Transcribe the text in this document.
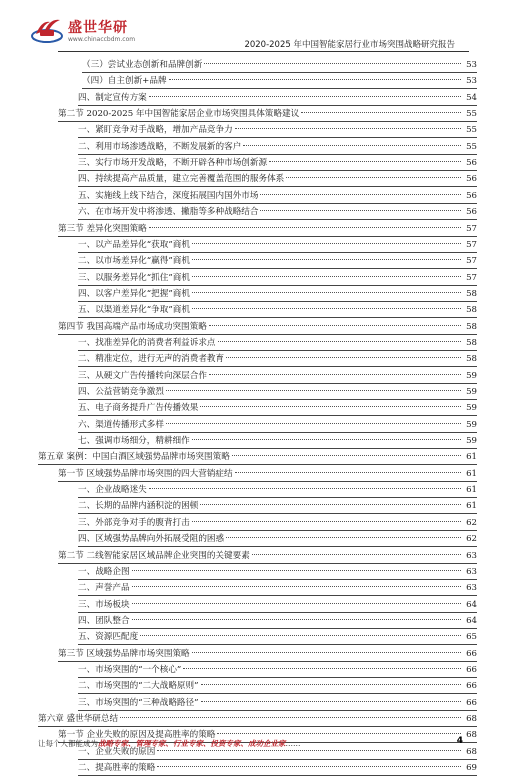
盛世华研
www.chinaccbdm.com
2020-2025 年中国智能家居行业市场突围战略研究报告
（三）尝试业态创新和品牌创新	53
（四）自主创新+品牌	53
四、制定宣传方案	54
第二节 2020-2025 年中国智能家居企业市场突围具体策略建议	55
一、紧盯竞争对手战略，增加产品竞争力	55
二、利用市场渗透战略，不断发展新的客户	55
三、实行市场开发战略，不断开辟各种市场创新源	56
四、持续提高产品质量，建立完善覆盖范围的服务体系	56
五、实施线上线下结合，深度拓展国内国外市场	56
六、在市场开发中将渗透、撇脂等多种战略结合	56
第三节 差异化突围策略	57
一、以产品差异化“获取”商机	57
二、以市场差异化“赢得”商机	57
三、以服务差异化“抓住”商机	57
四、以客户差异化“把握”商机	58
五、以渠道差异化“争取”商机	58
第四节 我国高端产品市场成功突围策略	58
一、找准差异化的消费者利益诉求点	58
二、精准定位，进行无声的消费者教育	58
三、从硬文广告传播转向深层合作	59
四、公益营销竞争激烈	59
五、电子商务提升广告传播效果	59
六、渠道传播形式多样	59
七、强调市场细分，精耕细作	59
第五章 案例：中国白酒区域强势品牌市场突围策略	61
第一节 区域强势品牌市场突围的四大营销症结	61
一、企业战略迷失	61
二、长期的品牌内涵积淀的困顿	61
三、外部竞争对手的腹背打击	62
四、区域强势品牌向外拓展受阻的困惑	62
第二节 二线智能家居区域品牌企业突围的关键要素	63
一、战略企图	63
二、声誉产品	63
三、市场板块	64
四、团队整合	64
五、资源匹配度	65
第三节 区域强势品牌市场突围策略	66
一、市场突围的“一个核心”	66
二、市场突围的“二大战略原则”	66
三、市场突围的“三种战略路径”	66
第六章 盛世华研总结	68
第一节 企业失败的原因及提高胜率的策略	68
一、企业失败的原因	68
二、提高胜率的策略	69
让每个人都能成为战略专家、管理专家、行业专家、投资专家、成功企业家……	4
